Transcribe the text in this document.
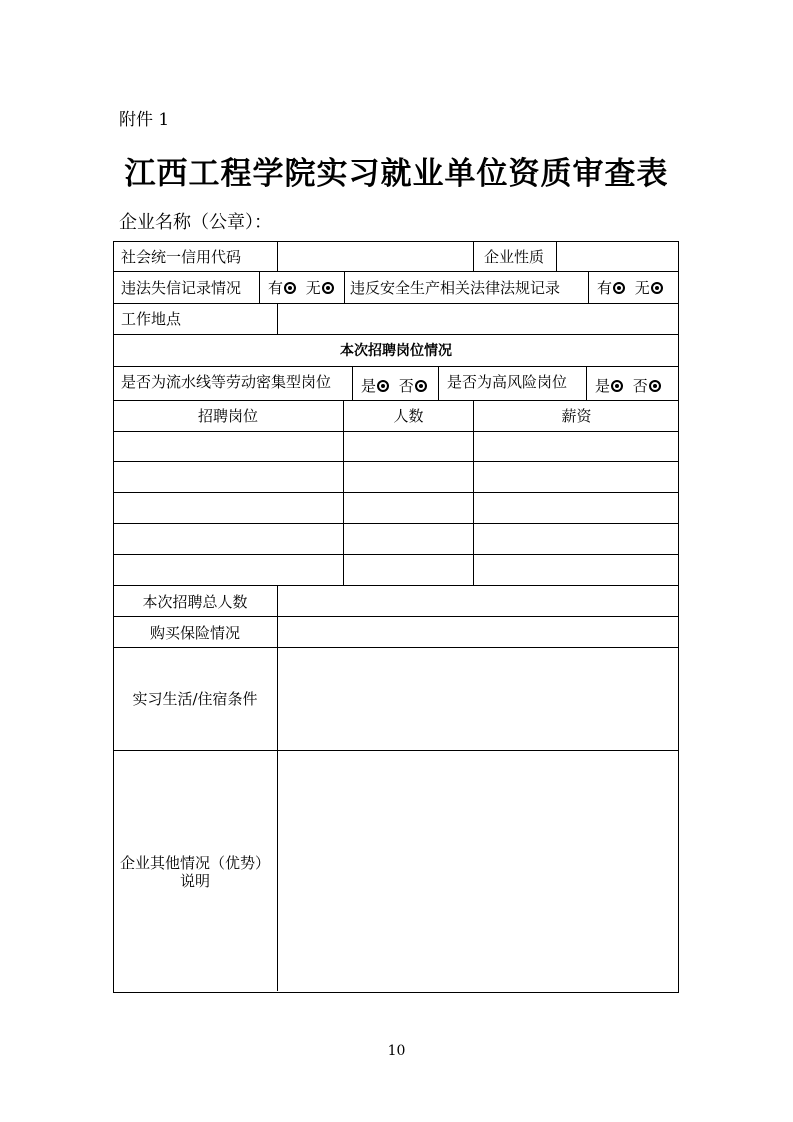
附件 1
江西工程学院实习就业单位资质审查表
企业名称（公章）：
社会统一信用代码	企业性质
违法失信记录情况 有 无	违反安全生产相关法律法规记录 有 无
工作地点
本次招聘岗位情况
是否为流水线等劳动密集型岗位 是 否	是否为高风险岗位 是 否
招聘岗位	人数	薪资
本次招聘总人数
购买保险情况
实习生活/住宿条件
企业其他情况（优势）
说明
10
